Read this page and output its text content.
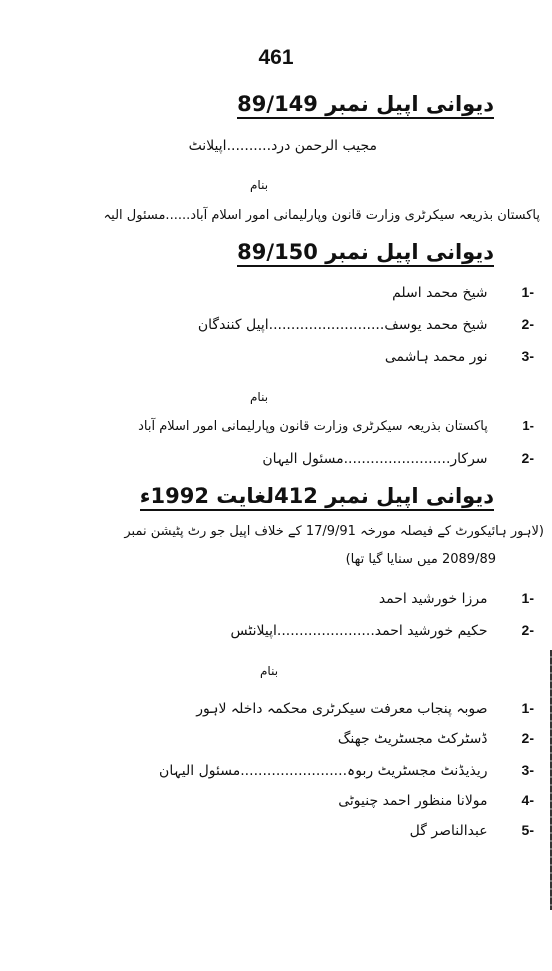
461
دیوانی اپیل نمبر 89/149
مجیب الرحمن درد..........اپیلانٹ
بنام
پاکستان بذریعہ سیکرٹری وزارت قانون وپارلیمانی امور اسلام آباد......مسئول الیہ
دیوانی اپیل نمبر 89/150
-1 شیخ محمد اسلم
-2 شیخ محمد یوسف..........................اپیل کنندگان
-3 نور محمد ہاشمی
بنام
-1 پاکستان بذریعہ سیکرٹری وزارت قانون وپارلیمانی امور اسلام آباد
-2 سرکار........................مسئول الیہان
دیوانی اپیل نمبر 412لغایت 1992ء
(لاہور ہائیکورٹ کے فیصلہ مورخہ 17/9/91 کے خلاف اپیل جو رٹ پٹیشن نمبر
2089/89 میں سنایا گیا تھا)
-1 مرزا خورشید احمد
-2 حکیم خورشید احمد......................اپیلانٹس
بنام
-1 صوبہ پنجاب معرفت سیکرٹری محکمہ داخلہ لاہور
-2 ڈسٹرکٹ مجسٹریٹ جھنگ
-3 ریذیڈنٹ مجسٹریٹ ربوہ........................مسئول الیہان
-4 مولانا منظور احمد چنیوٹی
-5 عبدالناصر گل
